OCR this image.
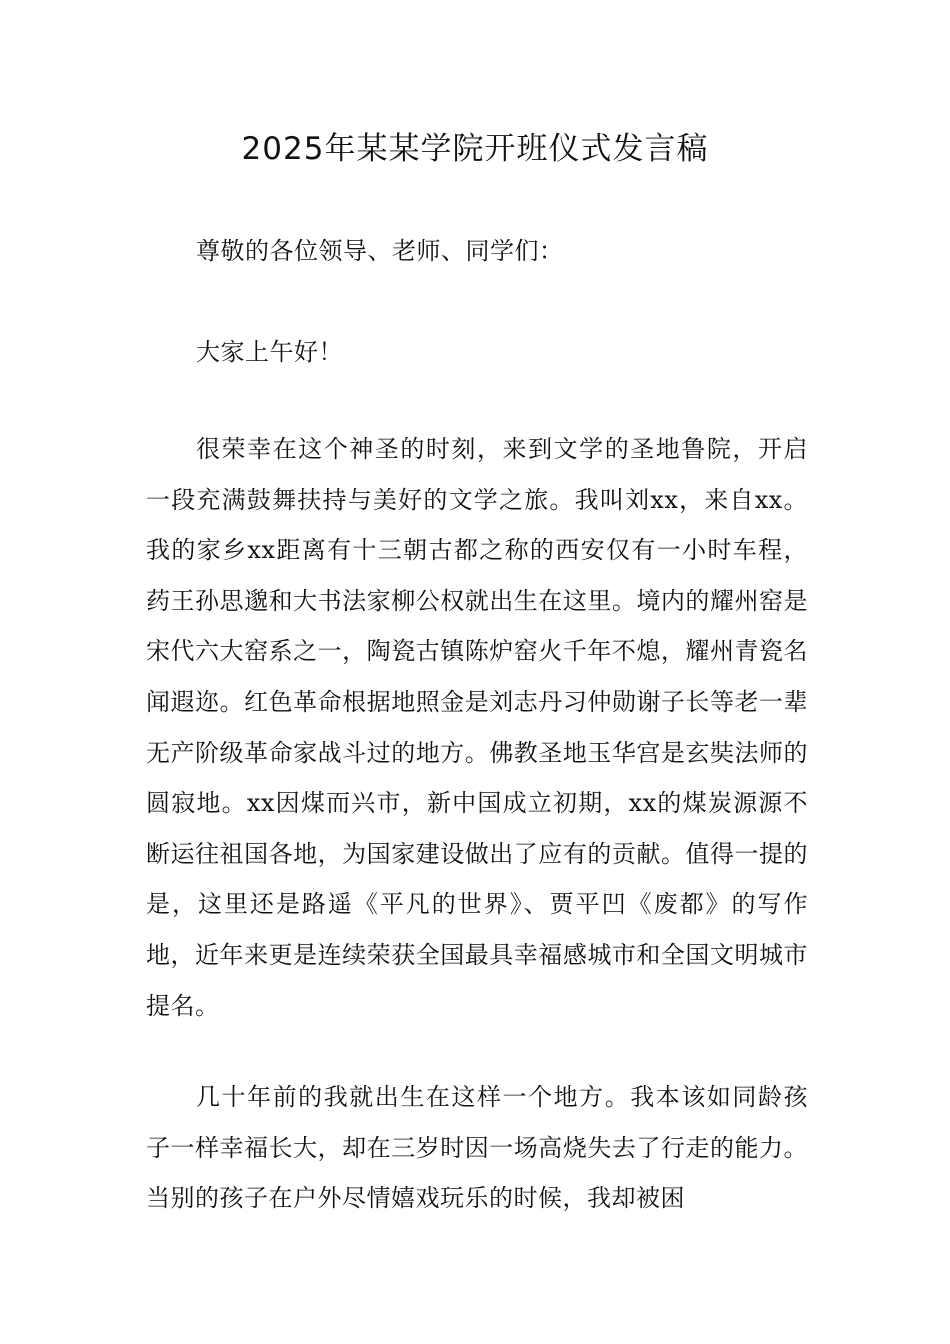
2025年某某学院开班仪式发言稿

尊敬的各位领导、老师、同学们：

大家上午好！

很荣幸在这个神圣的时刻，来到文学的圣地鲁院，开启一段充满鼓舞扶持与美好的文学之旅。我叫刘xx，来自xx。我的家乡xx距离有十三朝古都之称的西安仅有一小时车程，药王孙思邈和大书法家柳公权就出生在这里。境内的耀州窑是宋代六大窑系之一，陶瓷古镇陈炉窑火千年不熄，耀州青瓷名闻遐迩。红色革命根据地照金是刘志丹习仲勋谢子长等老一辈无产阶级革命家战斗过的地方。佛教圣地玉华宫是玄奘法师的圆寂地。xx因煤而兴市，新中国成立初期，xx的煤炭源源不断运往祖国各地，为国家建设做出了应有的贡献。值得一提的是，这里还是路遥《平凡的世界》、贾平凹《废都》的写作地，近年来更是连续荣获全国最具幸福感城市和全国文明城市提名。

几十年前的我就出生在这样一个地方。我本该如同龄孩子一样幸福长大，却在三岁时因一场高烧失去了行走的能力。当别的孩子在户外尽情嬉戏玩乐的时候，我却被困
